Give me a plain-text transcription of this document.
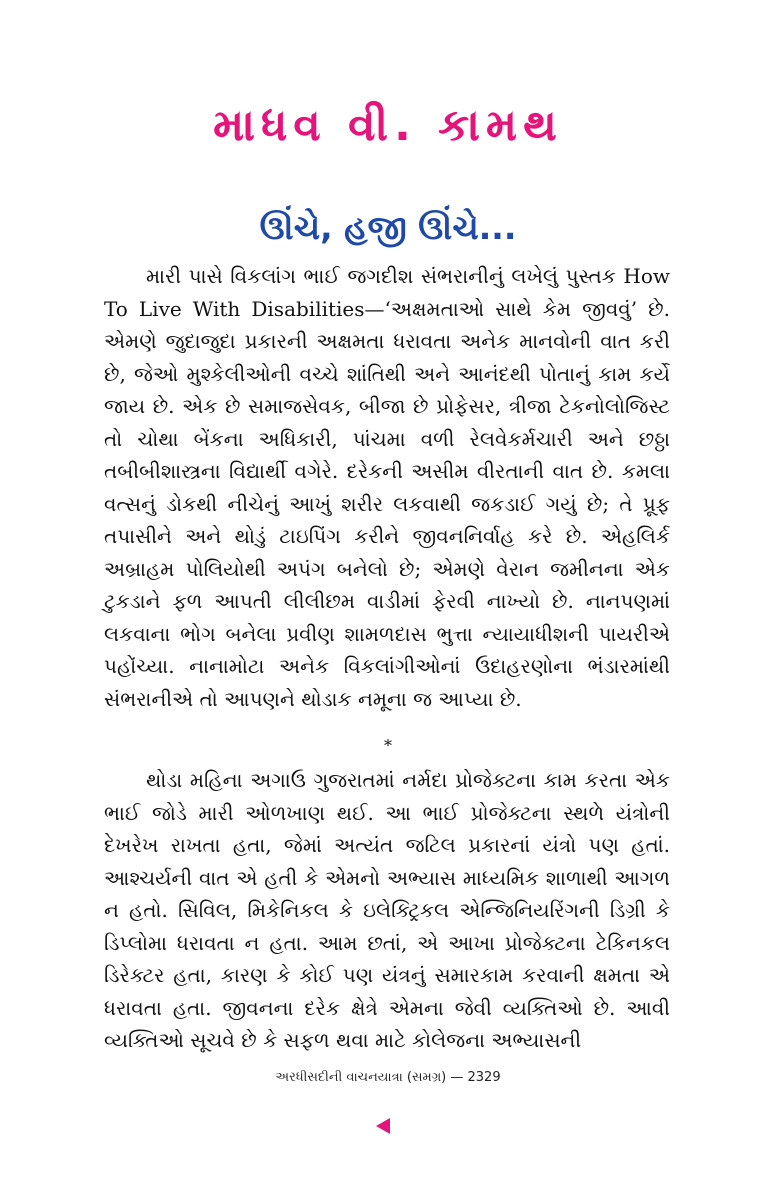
માધવ વી. કામથ
ઊંચે, હજી ઊંચે...

મારી પાસે વિકલાંગ ભાઈ જગદીશ સંભરાનીનું લખેલું પુસ્તક How To Live With Disabilities—‘અક્ષમતાઓ સાથે કેમ જીવવું’ છે. એમણે જુદાજુદા પ્રકારની અક્ષમતા ધરાવતા અનેક માનવોની વાત કરી છે, જેઓ મુશ્કેલીઓની વચ્ચે શાંતિથી અને આનંદથી પોતાનું કામ કર્યે જાય છે. એક છે સમાજસેવક, બીજા છે પ્રોફેસર, ત્રીજા ટેકનોલોજિસ્ટ તો ચોથા બેંકના અધિકારી, પાંચમા વળી રેલવેકર્મચારી અને છઠ્ઠા તબીબીશાસ્ત્રના વિદ્યાર્થી વગેરે. દરેકની અસીમ વીરતાની વાત છે. કમલા વત્સનું ડોકથી નીચેનું આખું શરીર લકવાથી જકડાઈ ગયું છે; તે પ્રૂફ તપાસીને અને થોડું ટાઇપિંગ કરીને જીવનનિર્વાહ કરે છે. એહલિર્ક અબ્રાહમ પોલિયોથી અપંગ બનેલો છે; એમણે વેરાન જમીનના એક ટુકડાને ફળ આપતી લીલીછમ વાડીમાં ફેરવી નાખ્યો છે. નાનપણમાં લકવાના ભોગ બનેલા પ્રવીણ શામળદાસ ભુત્તા ન્યાયાધીશની પાયરીએ પહોંચ્યા. નાનામોટા અનેક વિકલાંગીઓનાં ઉદાહરણોના ભંડારમાંથી સંભરાનીએ તો આપણને થોડાક નમૂના જ આપ્યા છે.

*

થોડા મહિના અગાઉ ગુજરાતમાં નર્મદા પ્રોજેક્ટના કામ કરતા એક ભાઈ જોડે મારી ઓળખાણ થઈ. આ ભાઈ પ્રોજેક્ટના સ્થળે યંત્રોની દેખરેખ રાખતા હતા, જેમાં અત્યંત જટિલ પ્રકારનાં યંત્રો પણ હતાં. આશ્ચર્યની વાત એ હતી કે એમનો અભ્યાસ માધ્યમિક શાળાથી આગળ ન હતો. સિવિલ, મિકેનિકલ કે ઇલેક્ટ્રિકલ એન્જિનિયરિંગની ડિગ્રી કે ડિપ્લોમા ધરાવતા ન હતા. આમ છતાં, એ આખા પ્રોજેક્ટના ટેકિનકલ ડિરેક્ટર હતા, કારણ કે કોઈ પણ યંત્રનું સમારકામ કરવાની ક્ષમતા એ ધરાવતા હતા. જીવનના દરેક ક્ષેત્રે એમના જેવી વ્યક્તિઓ છે. આવી વ્યક્તિઓ સૂચવે છે કે સફળ થવા માટે કોલેજના અભ્યાસની

અરધીસદીની વાચનયાત્રા (સમગ્ર) — 2329
